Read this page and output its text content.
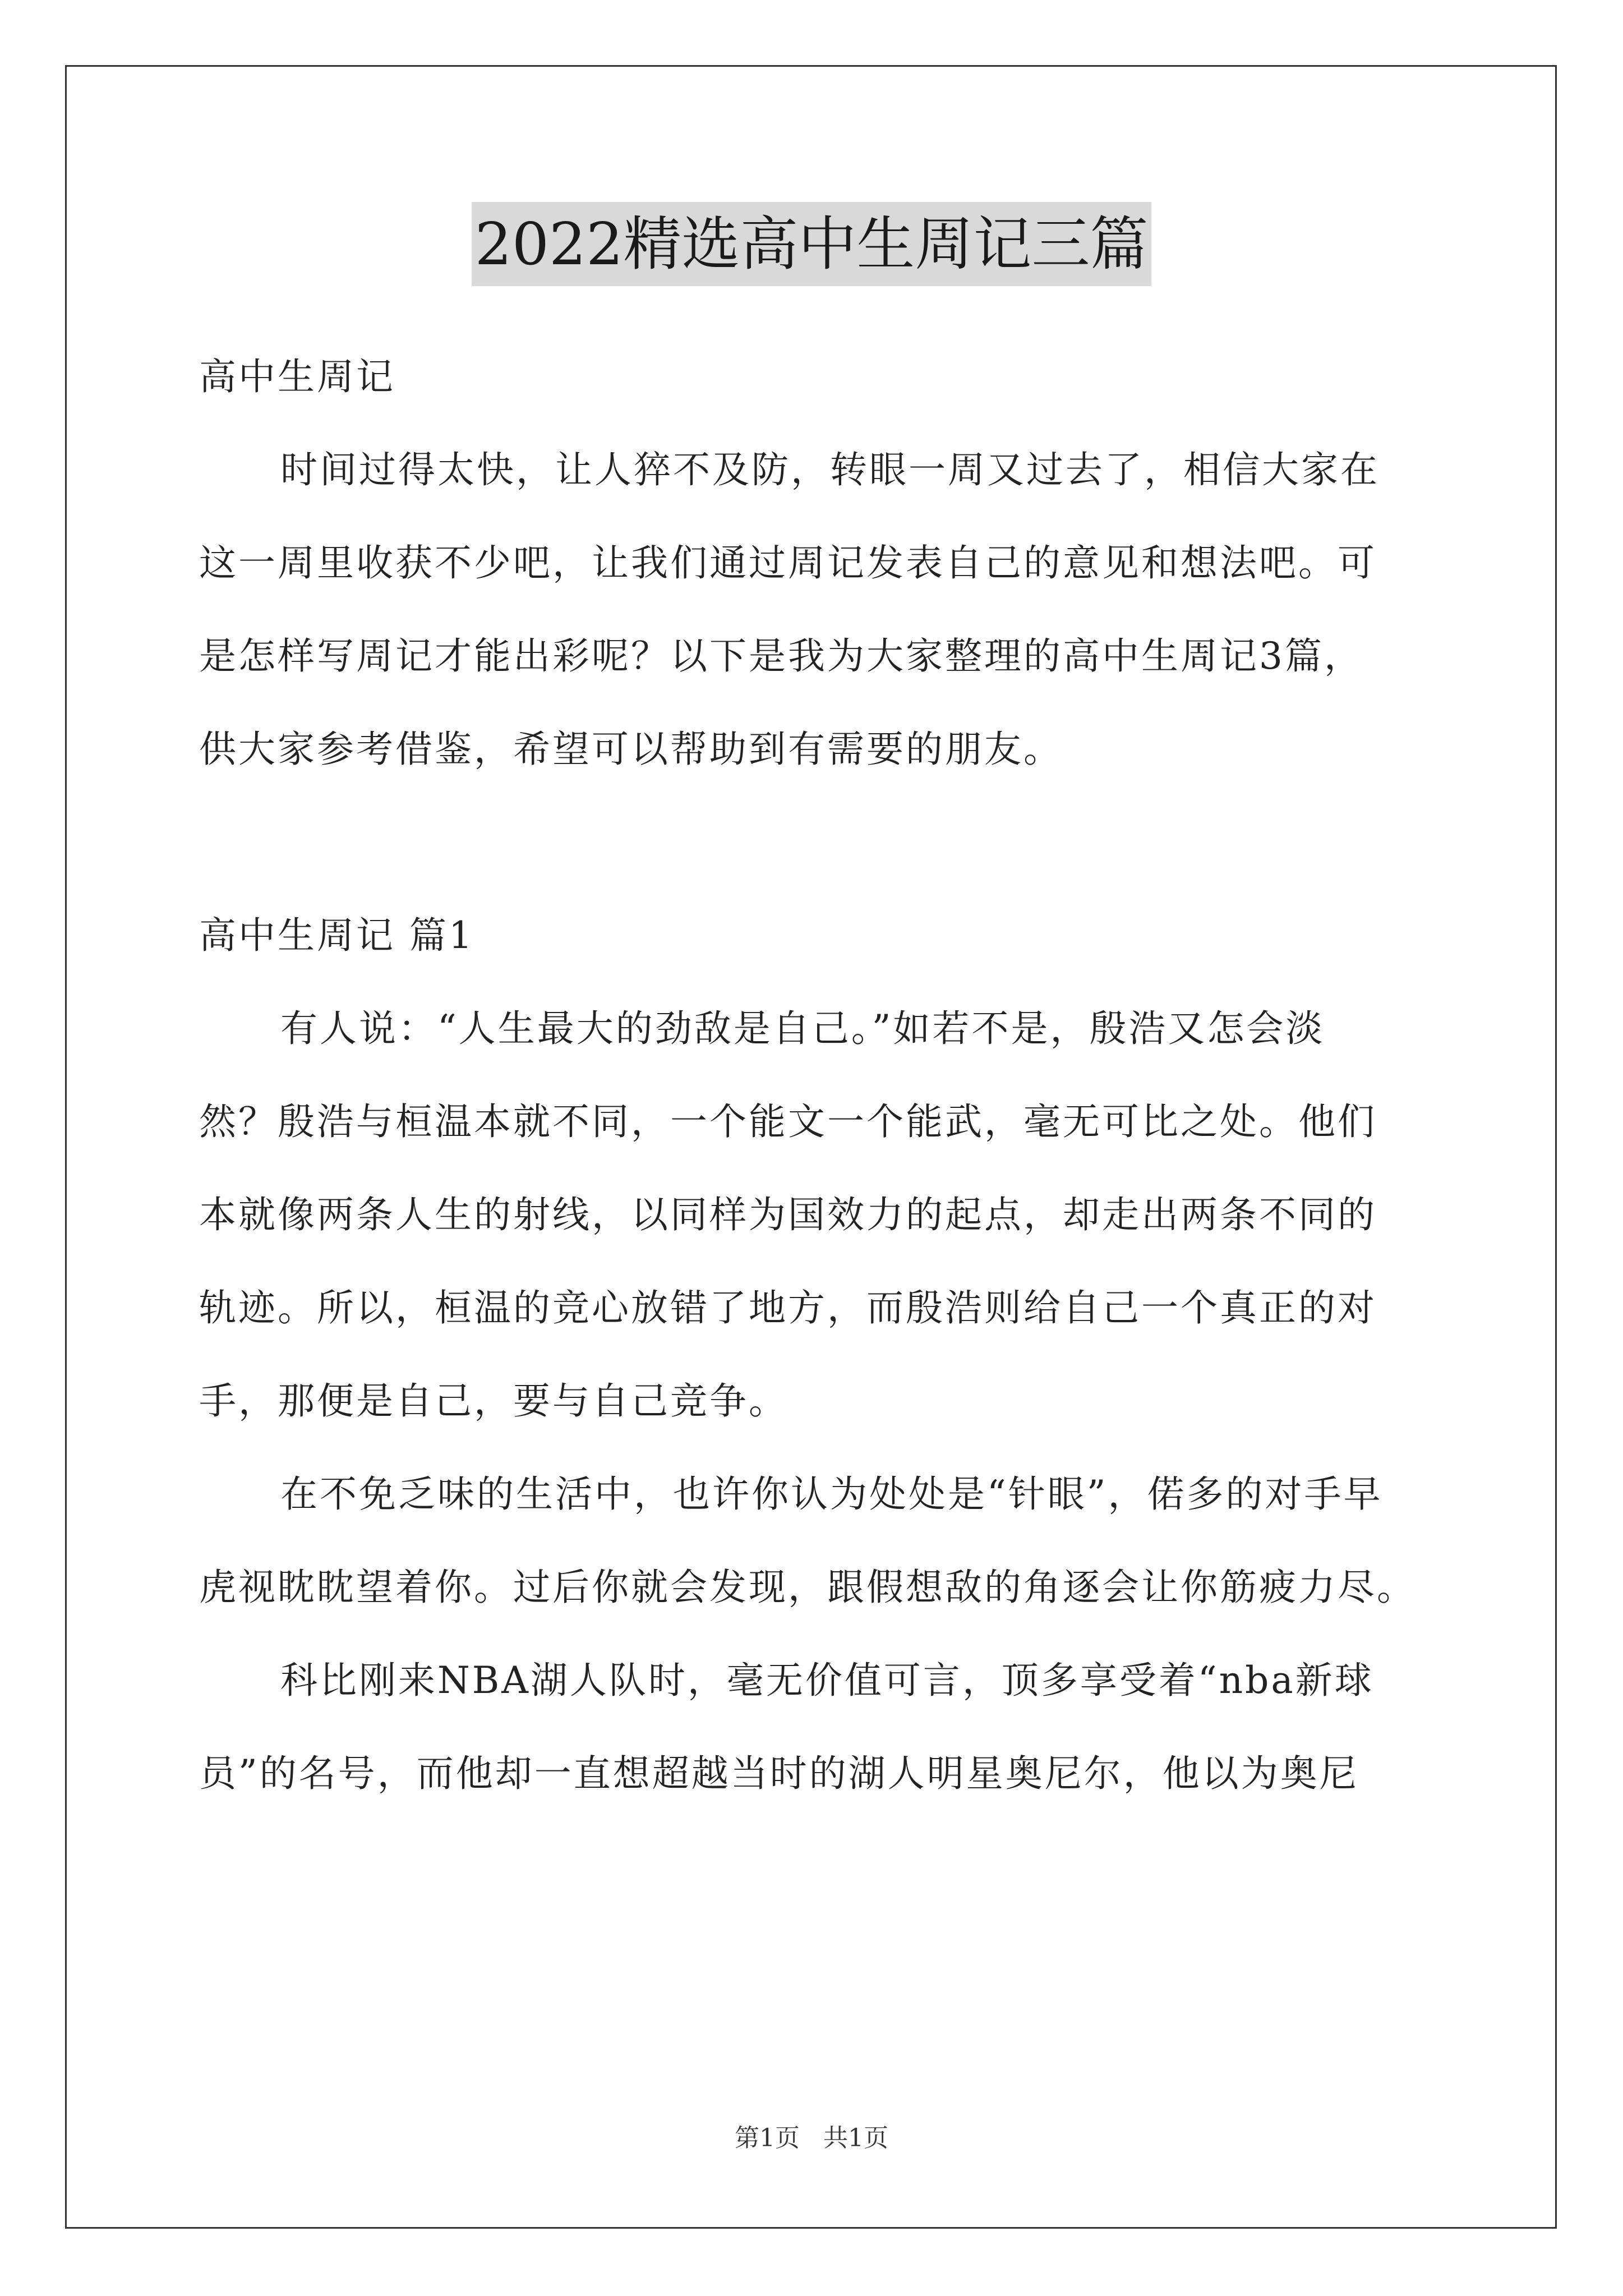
2022精选高中生周记三篇
高中生周记
时间过得太快，让人猝不及防，转眼一周又过去了，相信大家在
这一周里收获不少吧，让我们通过周记发表自己的意见和想法吧。可
是怎样写周记才能出彩呢？以下是我为大家整理的高中生周记3篇，
供大家参考借鉴，希望可以帮助到有需要的朋友。
高中生周记 篇1
有人说：“人生最大的劲敌是自己。”如若不是，殷浩又怎会淡
然？殷浩与桓温本就不同，一个能文一个能武，毫无可比之处。他们
本就像两条人生的射线，以同样为国效力的起点，却走出两条不同的
轨迹。所以，桓温的竞心放错了地方，而殷浩则给自己一个真正的对
手，那便是自己，要与自己竞争。
在不免乏味的生活中，也许你认为处处是“针眼”，偌多的对手早
虎视眈眈望着你。过后你就会发现，跟假想敌的角逐会让你筋疲力尽。
科比刚来NBA湖人队时，毫无价值可言，顶多享受着“nba新球
员”的名号，而他却一直想超越当时的湖人明星奥尼尔，他以为奥尼
第1页   共1页
